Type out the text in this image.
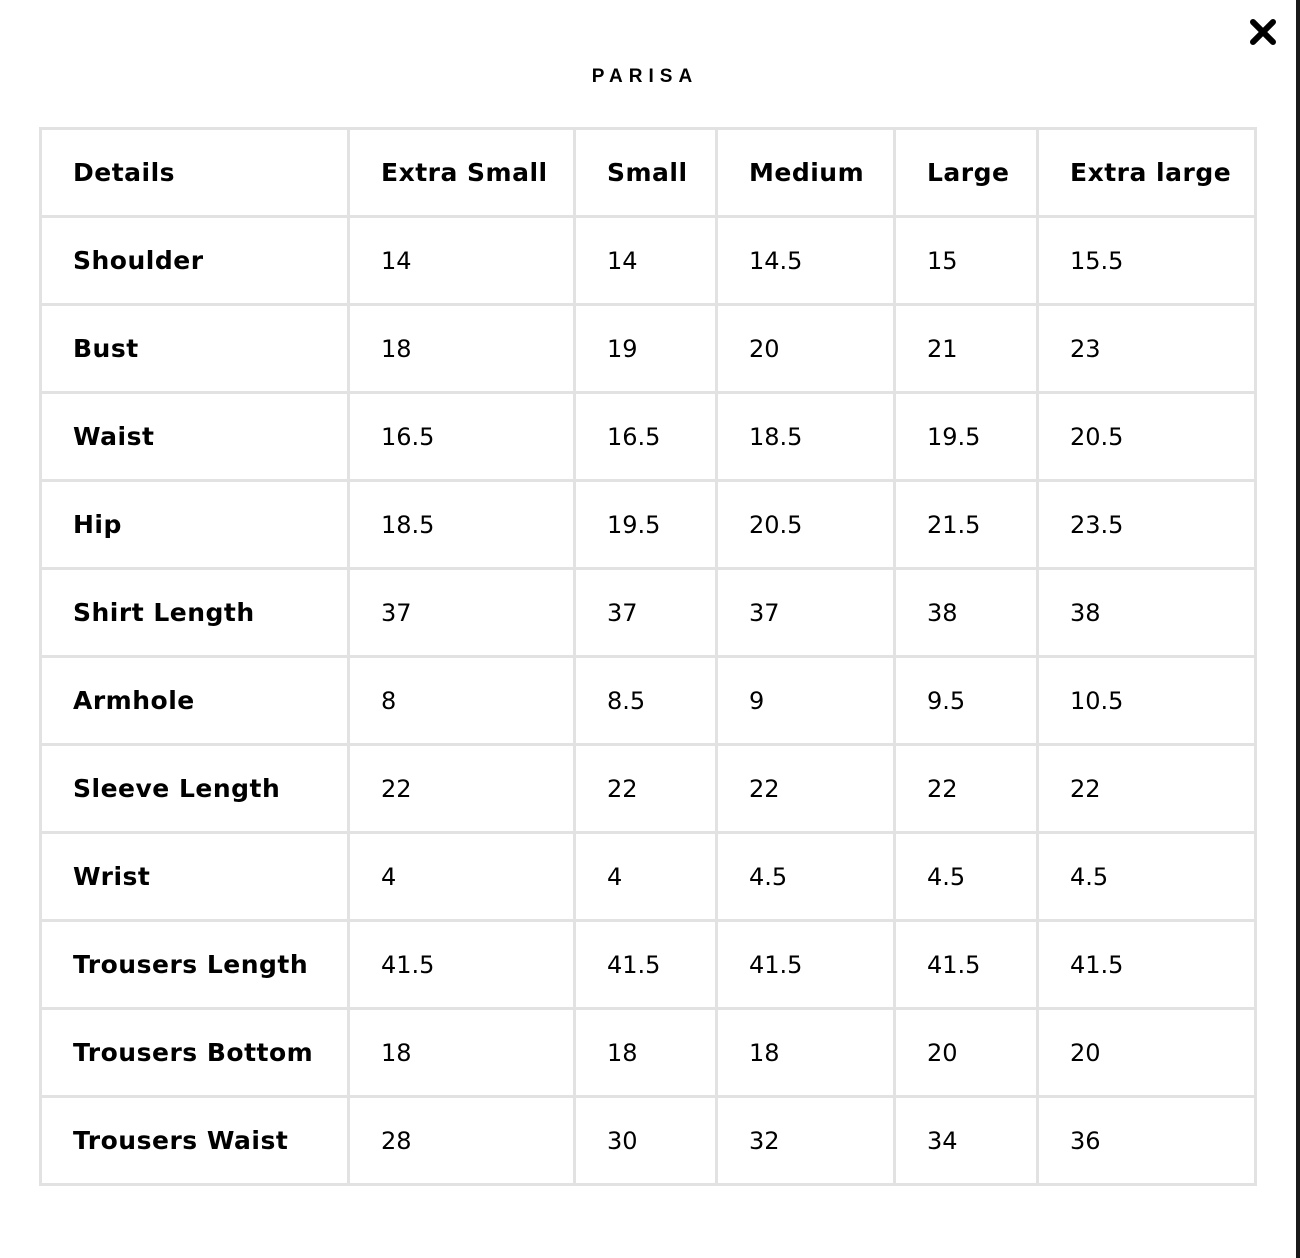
PARISA
Details	Extra Small	Small	Medium	Large	Extra large
Shoulder	14	14	14.5	15	15.5
Bust	18	19	20	21	23
Waist	16.5	16.5	18.5	19.5	20.5
Hip	18.5	19.5	20.5	21.5	23.5
Shirt Length	37	37	37	38	38
Armhole	8	8.5	9	9.5	10.5
Sleeve Length	22	22	22	22	22
Wrist	4	4	4.5	4.5	4.5
Trousers Length	41.5	41.5	41.5	41.5	41.5
Trousers Bottom	18	18	18	20	20
Trousers Waist	28	30	32	34	36
